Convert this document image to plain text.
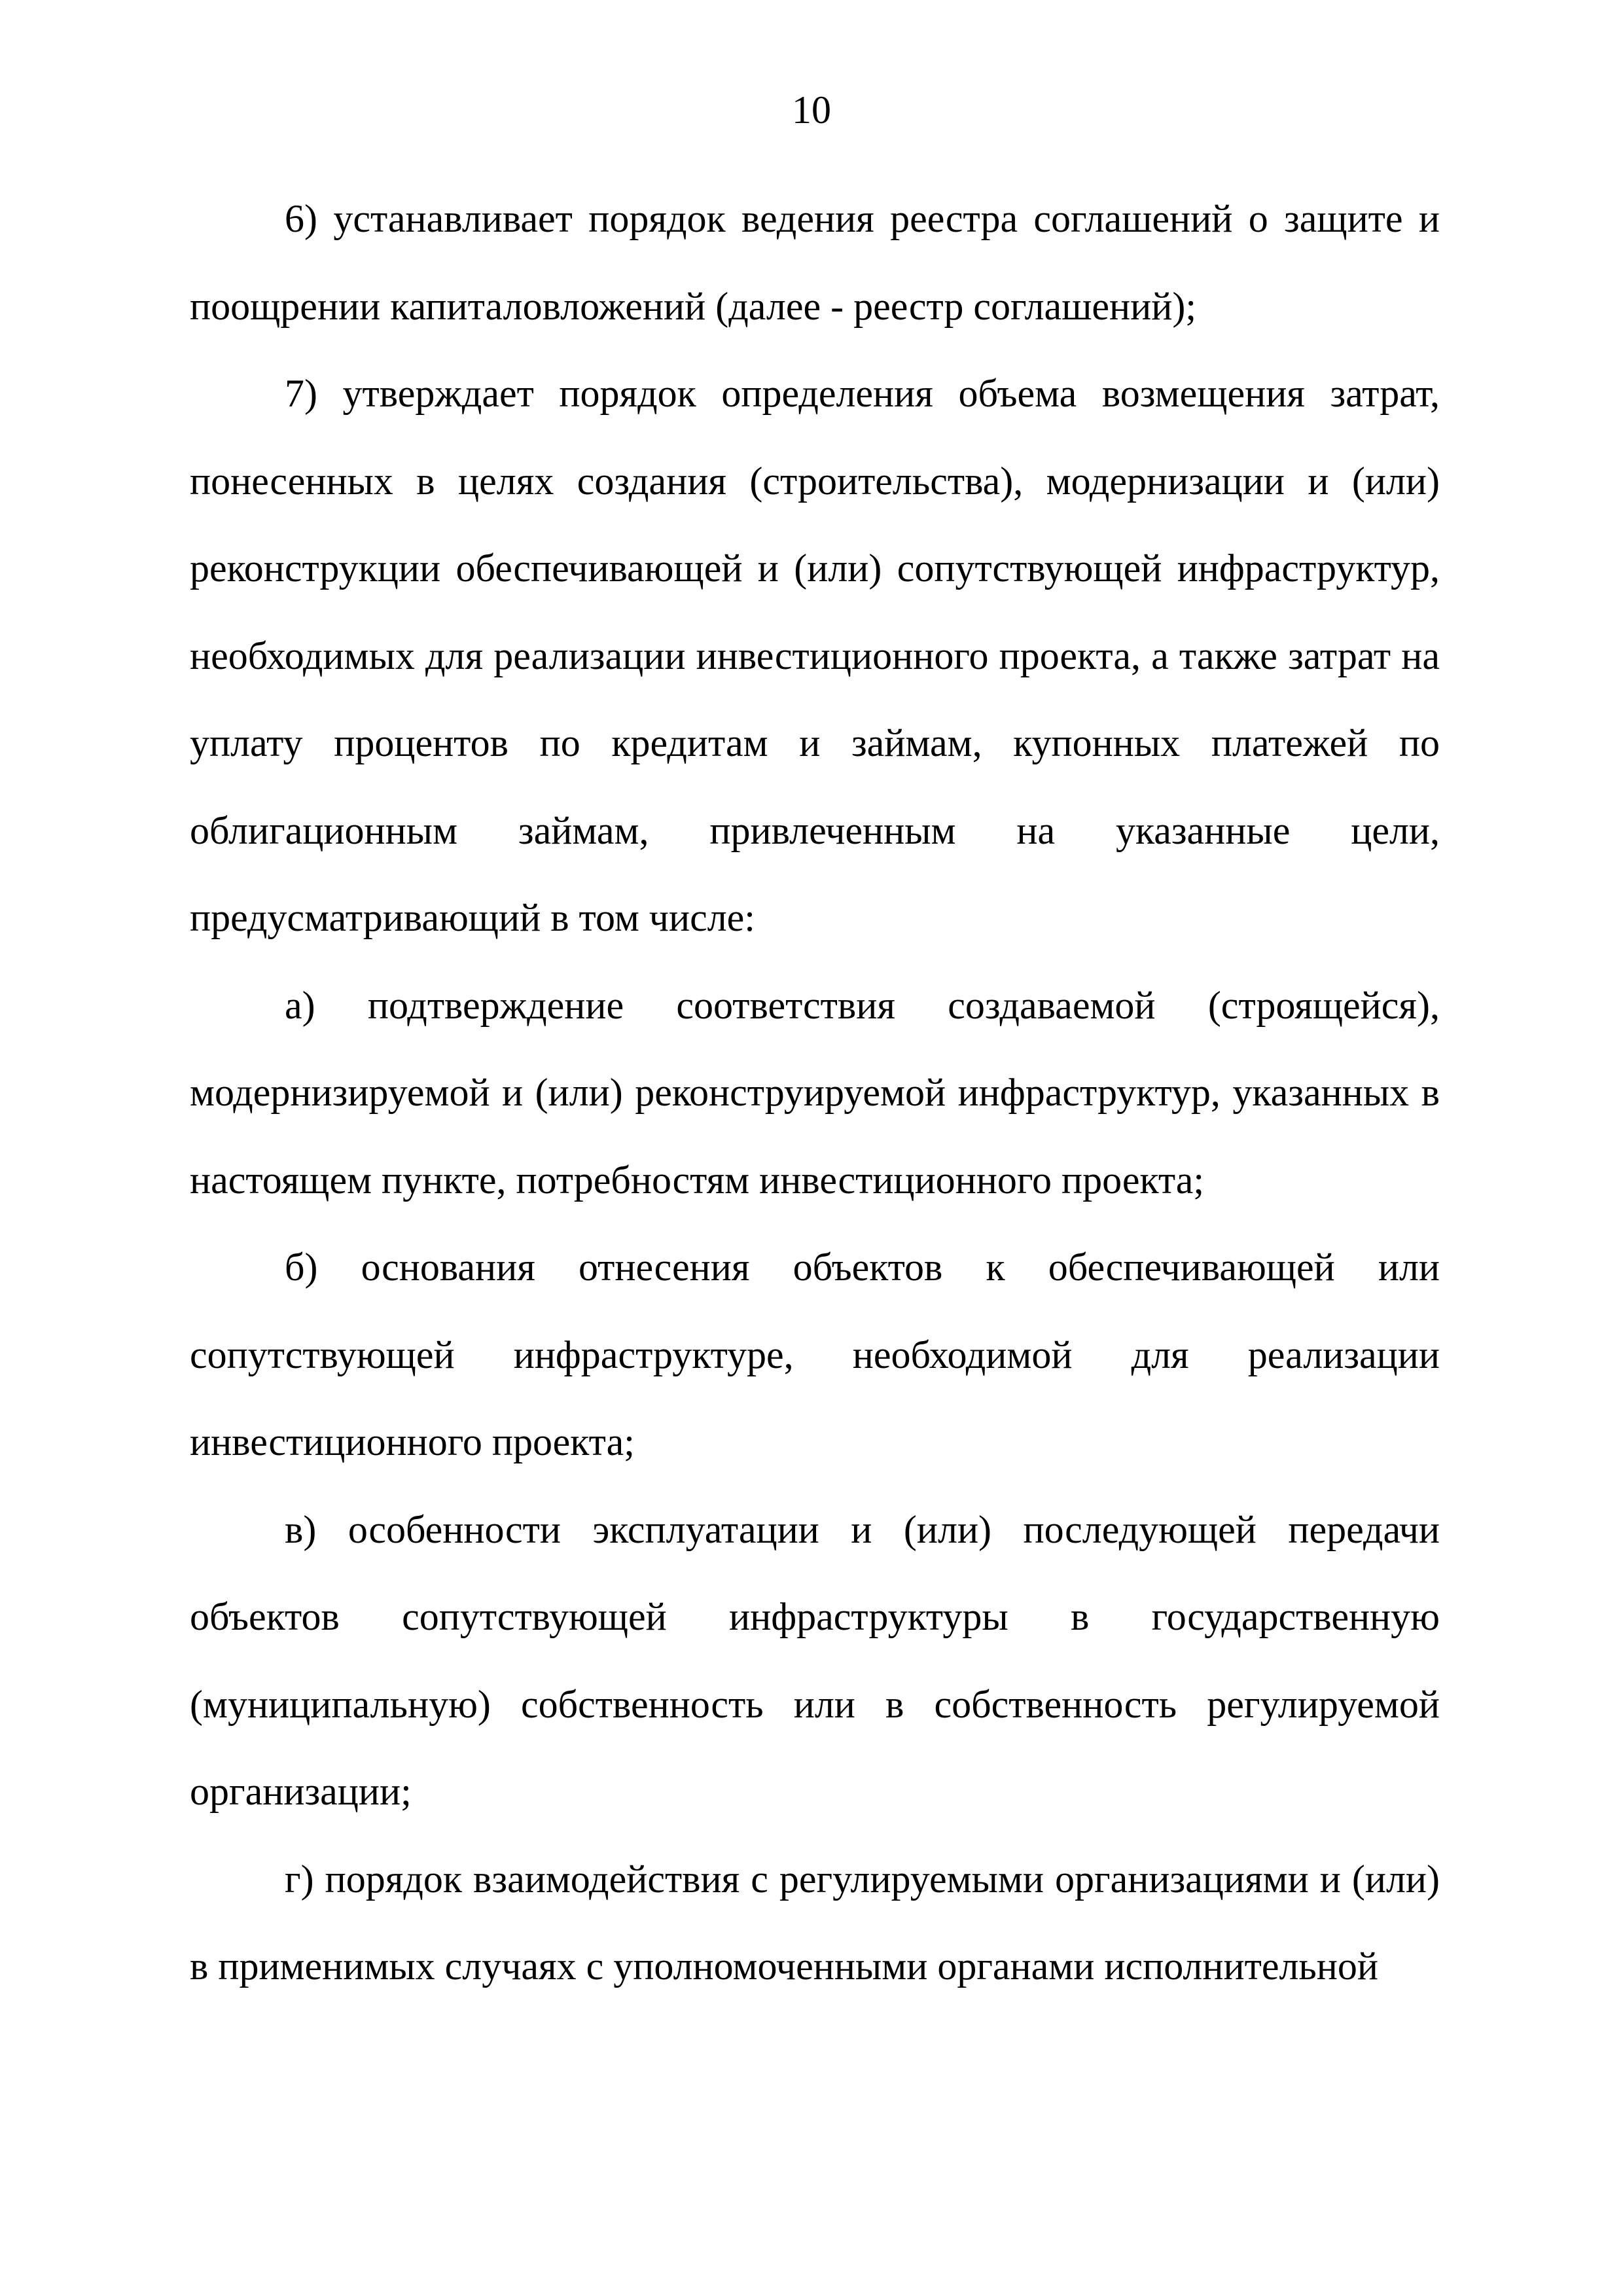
10

6) устанавливает порядок ведения реестра соглашений о защите и поощрении капиталовложений (далее - реестр соглашений);

7) утверждает порядок определения объема возмещения затрат, понесенных в целях создания (строительства), модернизации и (или) реконструкции обеспечивающей и (или) сопутствующей инфраструктур, необходимых для реализации инвестиционного проекта, а также затрат на уплату процентов по кредитам и займам, купонных платежей по облигационным займам, привлеченным на указанные цели, предусматривающий в том числе:

а) подтверждение соответствия создаваемой (строящейся), модернизируемой и (или) реконструируемой инфраструктур, указанных в настоящем пункте, потребностям инвестиционного проекта;

б) основания отнесения объектов к обеспечивающей или сопутствующей инфраструктуре, необходимой для реализации инвестиционного проекта;

в) особенности эксплуатации и (или) последующей передачи объектов сопутствующей инфраструктуры в государственную (муниципальную) собственность или в собственность регулируемой организации;

г) порядок взаимодействия с регулируемыми организациями и (или) в применимых случаях с уполномоченными органами исполнительной
